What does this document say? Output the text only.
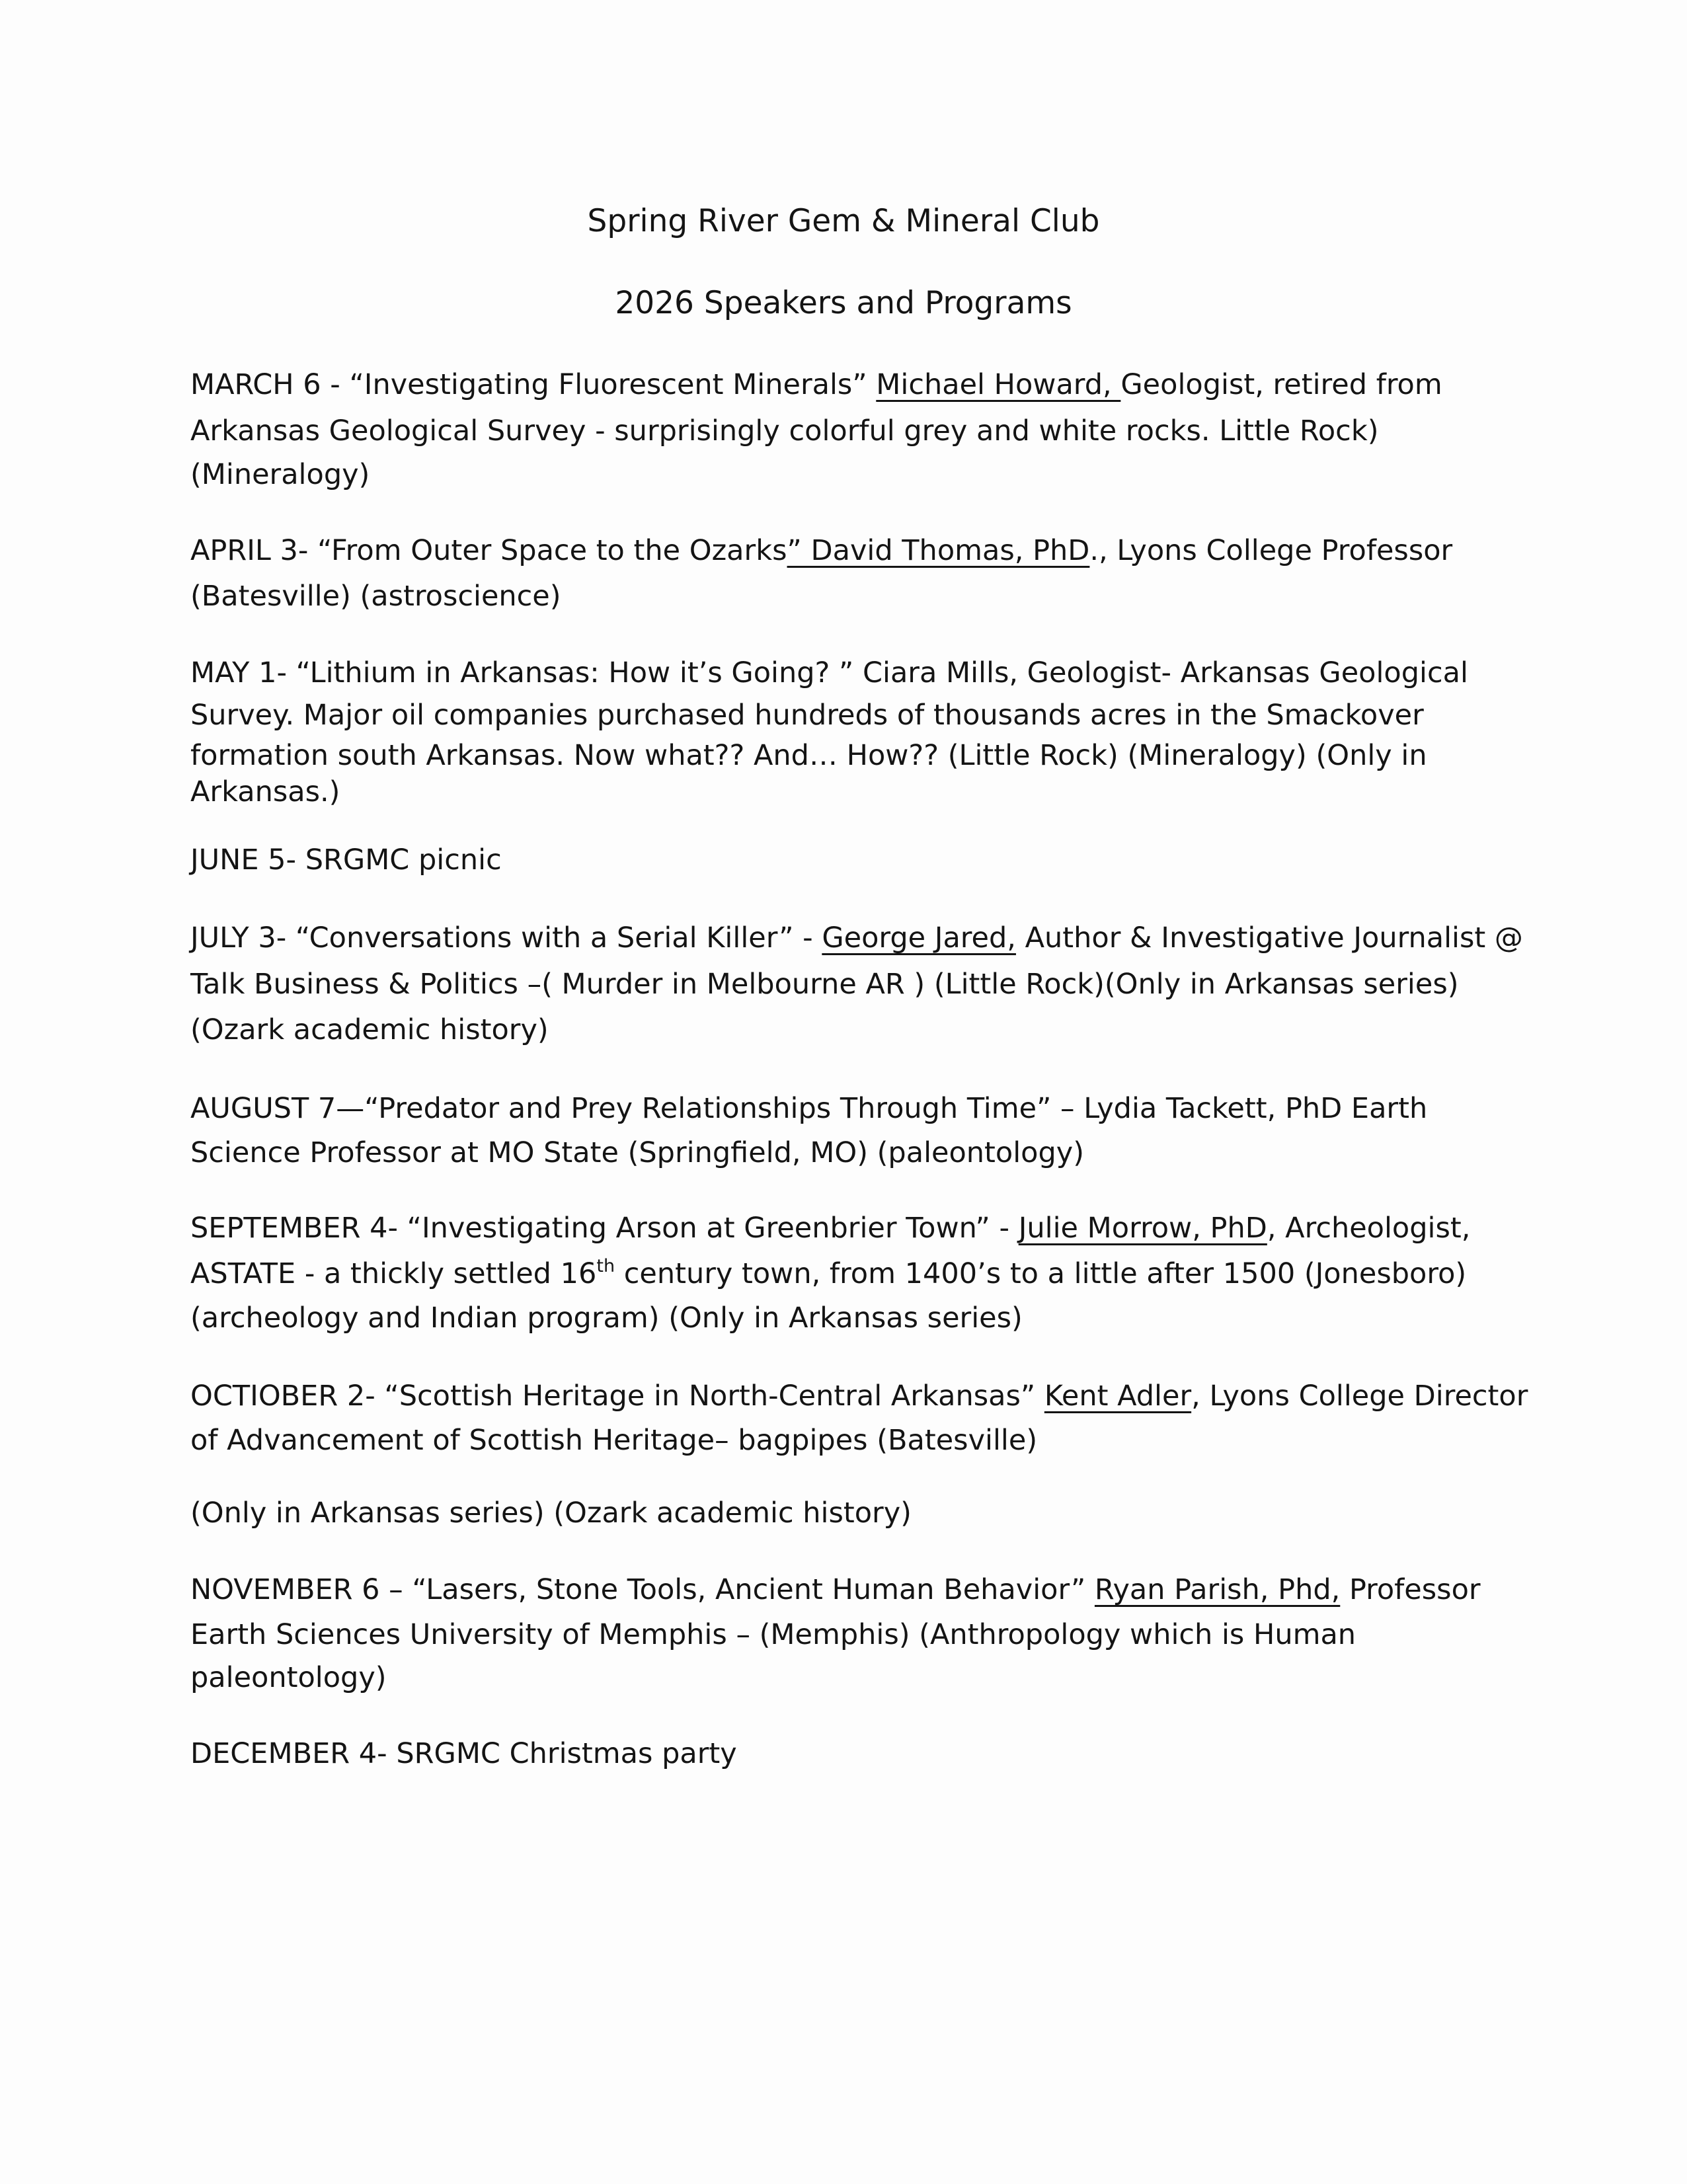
Spring River Gem & Mineral Club
2026 Speakers and Programs
MARCH 6 - “Investigating Fluorescent Minerals” Michael Howard, Geologist, retired from
Arkansas Geological Survey - surprisingly colorful grey and white rocks. Little Rock)
(Mineralogy)
APRIL 3- “From Outer Space to the Ozarks” David Thomas, PhD., Lyons College Professor
(Batesville) (astroscience)
MAY 1- “Lithium in Arkansas: How it’s Going? ” Ciara Mills, Geologist- Arkansas Geological
Survey. Major oil companies purchased hundreds of thousands acres in the Smackover
formation south Arkansas. Now what?? And… How?? (Little Rock) (Mineralogy) (Only in
Arkansas.)
JUNE 5- SRGMC picnic
JULY 3- “Conversations with a Serial Killer” - George Jared, Author & Investigative Journalist @
Talk Business & Politics –( Murder in Melbourne AR ) (Little Rock)(Only in Arkansas series)
(Ozark academic history)
AUGUST 7—“Predator and Prey Relationships Through Time” – Lydia Tackett, PhD Earth
Science Professor at MO State (Springfield, MO) (paleontology)
SEPTEMBER 4- “Investigating Arson at Greenbrier Town” - Julie Morrow, PhD, Archeologist,
ASTATE - a thickly settled 16th century town, from 1400’s to a little after 1500 (Jonesboro)
(archeology and Indian program) (Only in Arkansas series)
OCTIOBER 2- “Scottish Heritage in North-Central Arkansas” Kent Adler, Lyons College Director
of Advancement of Scottish Heritage– bagpipes (Batesville)
(Only in Arkansas series) (Ozark academic history)
NOVEMBER 6 – “Lasers, Stone Tools, Ancient Human Behavior” Ryan Parish, Phd, Professor
Earth Sciences University of Memphis – (Memphis) (Anthropology which is Human
paleontology)
DECEMBER 4- SRGMC Christmas party
